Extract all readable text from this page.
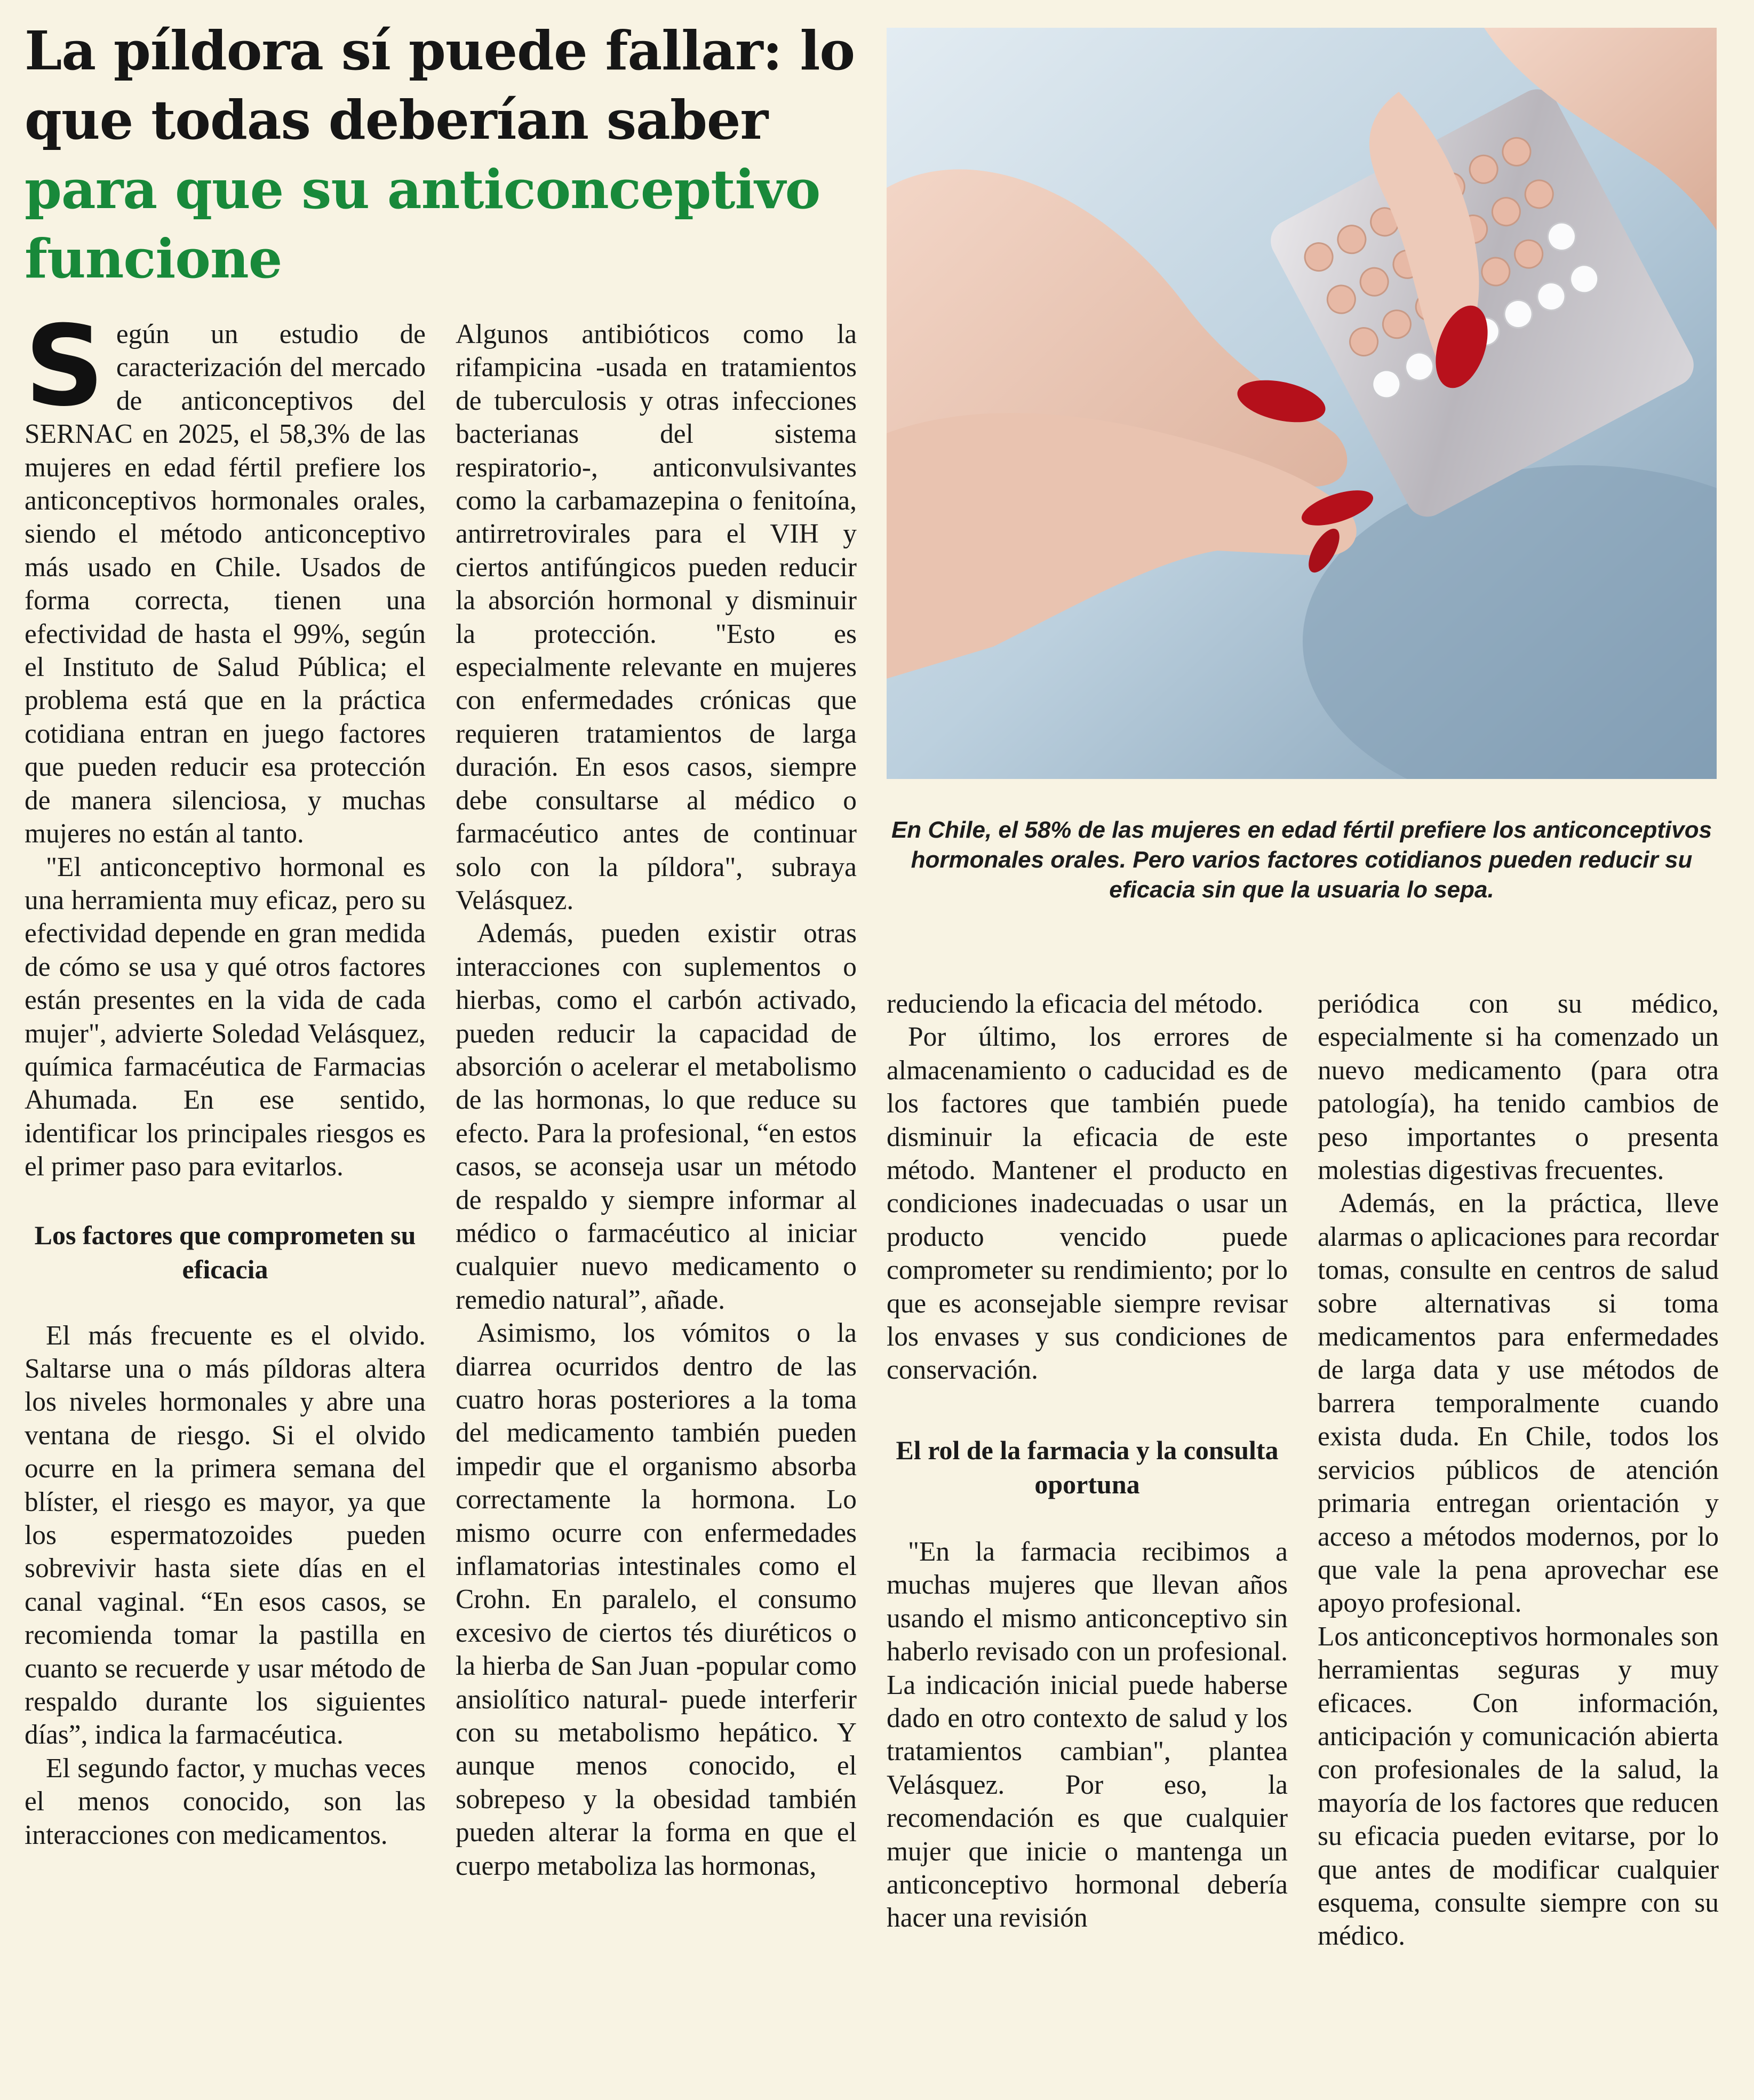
La píldora sí puede fallar: lo que todas deberían saber para que su anticonceptivo funcione
En Chile, el 58% de las mujeres en edad fértil prefiere los anticonceptivos hormonales orales. Pero varios factores cotidianos pueden reducir su eficacia sin que la usuaria lo sepa.

Según un estudio de caracterización del mercado de anticonceptivos del SERNAC en 2025, el 58,3% de las mujeres en edad fértil prefiere los anticonceptivos hormonales orales, siendo el método anticonceptivo más usado en Chile. Usados de forma correcta, tienen una efectividad de hasta el 99%, según el Instituto de Salud Pública; el problema está que en la práctica cotidiana entran en juego factores que pueden reducir esa protección de manera silenciosa, y muchas mujeres no están al tanto.

"El anticonceptivo hormonal es una herramienta muy eficaz, pero su efectividad depende en gran medida de cómo se usa y qué otros factores están presentes en la vida de cada mujer", advierte Soledad Velásquez, química farmacéutica de Farmacias Ahumada. En ese sentido, identificar los principales riesgos es el primer paso para evitarlos.

Los factores que comprometen su eficacia

El más frecuente es el olvido. Saltarse una o más píldoras altera los niveles hormonales y abre una ventana de riesgo. Si el olvido ocurre en la primera semana del blíster, el riesgo es mayor, ya que los espermatozoides pueden sobrevivir hasta siete días en el canal vaginal. “En esos casos, se recomienda tomar la pastilla en cuanto se recuerde y usar método de respaldo durante los siguientes días”, indica la farmacéutica.

El segundo factor, y muchas veces el menos conocido, son las interacciones con medicamentos.

Algunos antibióticos como la rifampicina -usada en tratamientos de tuberculosis y otras infecciones bacterianas del sistema respiratorio-, anticonvulsivantes como la carbamazepina o fenitoína, antirretrovirales para el VIH y ciertos antifúngicos pueden reducir la absorción hormonal y disminuir la protección. "Esto es especialmente relevante en mujeres con enfermedades crónicas que requieren tratamientos de larga duración. En esos casos, siempre debe consultarse al médico o farmacéutico antes de continuar solo con la píldora", subraya Velásquez.

Además, pueden existir otras interacciones con suplementos o hierbas, como el carbón activado, pueden reducir la capacidad de absorción o acelerar el metabolismo de las hormonas, lo que reduce su efecto. Para la profesional, “en estos casos, se aconseja usar un método de respaldo y siempre informar al médico o farmacéutico al iniciar cualquier nuevo medicamento o remedio natural”, añade.

Asimismo, los vómitos o la diarrea ocurridos dentro de las cuatro horas posteriores a la toma del medicamento también pueden impedir que el organismo absorba correctamente la hormona. Lo mismo ocurre con enfermedades inflamatorias intestinales como el Crohn. En paralelo, el consumo excesivo de ciertos tés diuréticos o la hierba de San Juan -popular como ansiolítico natural- puede interferir con su metabolismo hepático. Y aunque menos conocido, el sobrepeso y la obesidad también pueden alterar la forma en que el cuerpo metaboliza las hormonas,

reduciendo la eficacia del método.

Por último, los errores de almacenamiento o caducidad es de los factores que también puede disminuir la eficacia de este método. Mantener el producto en condiciones inadecuadas o usar un producto vencido puede comprometer su rendimiento; por lo que es aconsejable siempre revisar los envases y sus condiciones de conservación.

El rol de la farmacia y la consulta oportuna

"En la farmacia recibimos a muchas mujeres que llevan años usando el mismo anticonceptivo sin haberlo revisado con un profesional. La indicación inicial puede haberse dado en otro contexto de salud y los tratamientos cambian", plantea Velásquez. Por eso, la recomendación es que cualquier mujer que inicie o mantenga un anticonceptivo hormonal debería hacer una revisión

periódica con su médico, especialmente si ha comenzado un nuevo medicamento (para otra patología), ha tenido cambios de peso importantes o presenta molestias digestivas frecuentes.

Además, en la práctica, lleve alarmas o aplicaciones para recordar tomas, consulte en centros de salud sobre alternativas si toma medicamentos para enfermedades de larga data y use métodos de barrera temporalmente cuando exista duda. En Chile, todos los servicios públicos de atención primaria entregan orientación y acceso a métodos modernos, por lo que vale la pena aprovechar ese apoyo profesional.

Los anticonceptivos hormonales son herramientas seguras y muy eficaces. Con información, anticipación y comunicación abierta con profesionales de la salud, la mayoría de los factores que reducen su eficacia pueden evitarse, por lo que antes de modificar cualquier esquema, consulte siempre con su médico.
